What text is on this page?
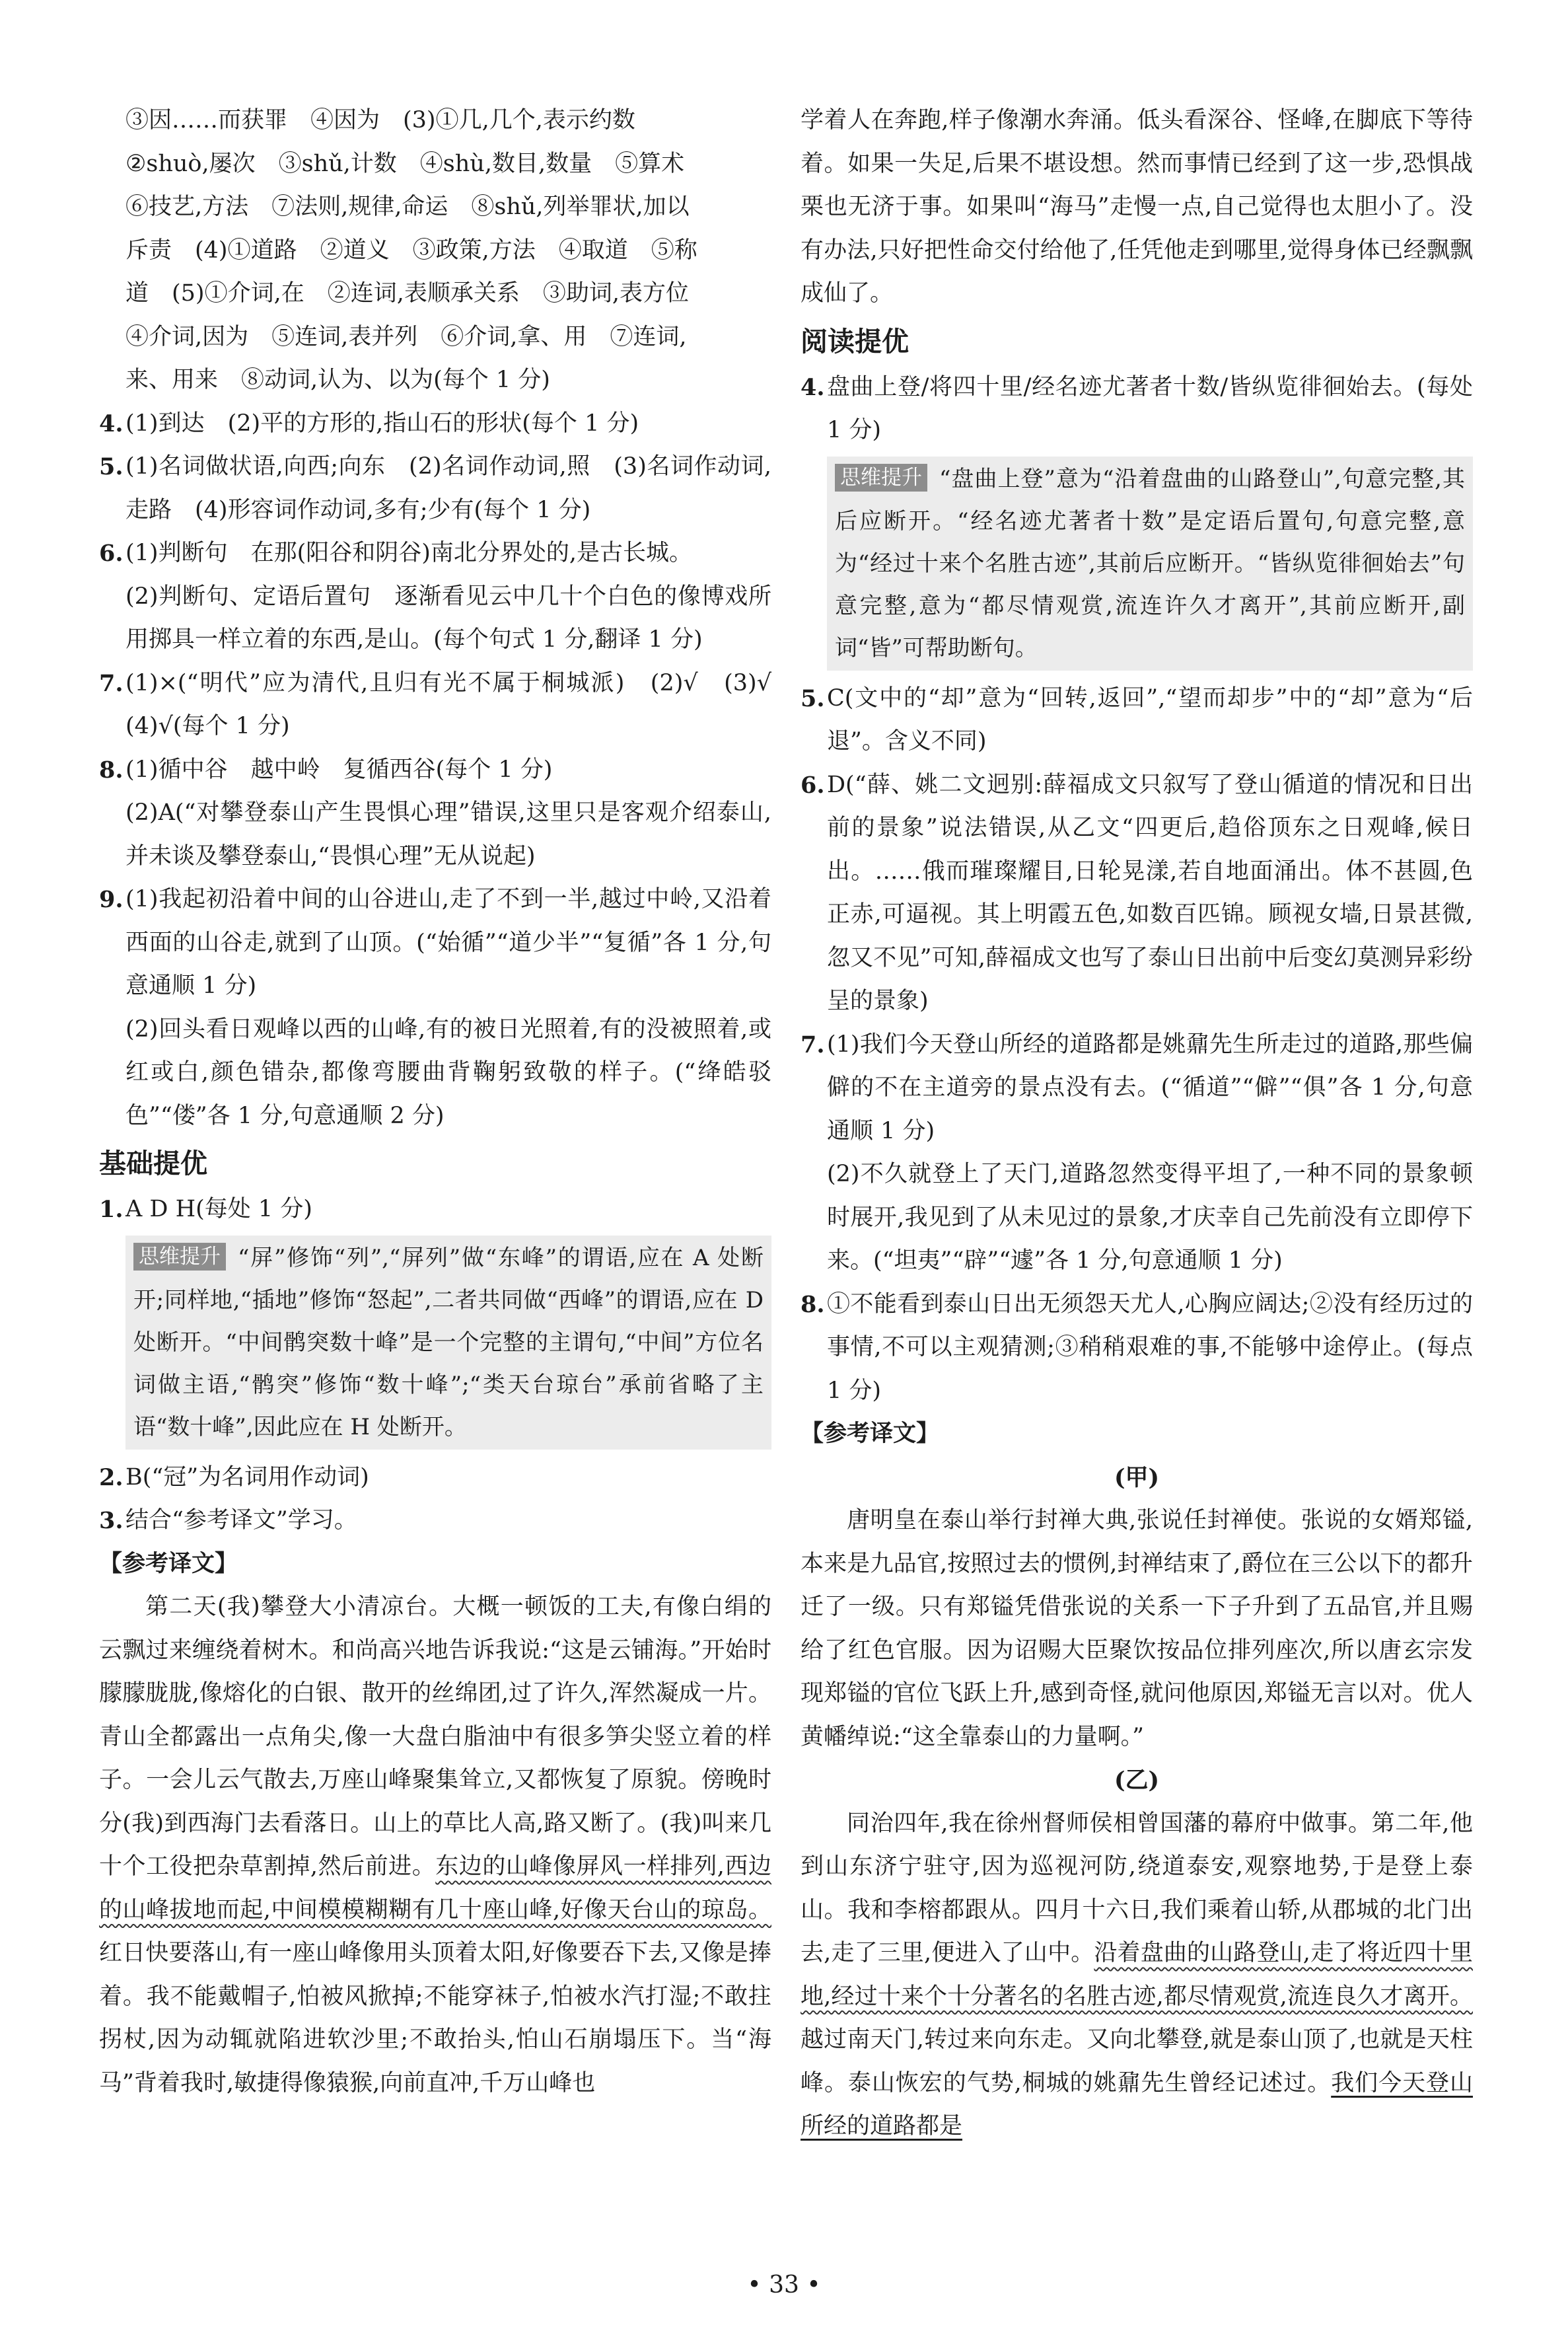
③因……而获罪　④因为　(3)①几,几个,表示约数

②shuò,屡次　③shǔ,计数　④shù,数目,数量　⑤算术

⑥技艺,方法　⑦法则,规律,命运　⑧shǔ,列举罪状,加以

斥责　(4)①道路　②道义　③政策,方法　④取道　⑤称

道　(5)①介词,在　②连词,表顺承关系　③助词,表方位

④介词,因为　⑤连词,表并列　⑥介词,拿、用　⑦连词,

来、用来　⑧动词,认为、以为(每个 1 分)

4. (1)到达　(2)平的方形的,指山石的形状(每个 1 分)

5. (1)名词做状语,向西;向东　(2)名词作动词,照　(3)名词作动词,走路　(4)形容词作动词,多有;少有(每个 1 分)

6. (1)判断句　在那(阳谷和阴谷)南北分界处的,是古长城。

(2)判断句、定语后置句　逐渐看见云中几十个白色的像博戏所用掷具一样立着的东西,是山。(每个句式 1 分,翻译 1 分)

7. (1)×(“明代”应为清代,且归有光不属于桐城派)　(2)√　(3)√　(4)√(每个 1 分)

8. (1)循中谷　越中岭　复循西谷(每个 1 分)

(2)A(“对攀登泰山产生畏惧心理”错误,这里只是客观介绍泰山,并未谈及攀登泰山,“畏惧心理”无从说起)

9. (1)我起初沿着中间的山谷进山,走了不到一半,越过中岭,又沿着西面的山谷走,就到了山顶。(“始循”“道少半”“复循”各 1 分,句意通顺 1 分)

(2)回头看日观峰以西的山峰,有的被日光照着,有的没被照着,或红或白,颜色错杂,都像弯腰曲背鞠躬致敬的样子。(“绛皓驳色”“偻”各 1 分,句意通顺 2 分)

基础提优
1. A D H(每处 1 分)

思维提升 “屏”修饰“列”,“屏列”做“东峰”的谓语,应在 A 处断开;同样地,“插地”修饰“怒起”,二者共同做“西峰”的谓语,应在 D 处断开。“中间鹘突数十峰”是一个完整的主谓句,“中间”方位名词做主语,“鹘突”修饰“数十峰”;“类天台琼台”承前省略了主语“数十峰”,因此应在 H 处断开。
2. B(“冠”为名词用作动词)

3. 结合“参考译文”学习。

【参考译文】

第二天(我)攀登大小清凉台。大概一顿饭的工夫,有像白绢的云飘过来缠绕着树木。和尚高兴地告诉我说:“这是云铺海。”开始时朦朦胧胧,像熔化的白银、散开的丝绵团,过了许久,浑然凝成一片。青山全都露出一点角尖,像一大盘白脂油中有很多笋尖竖立着的样子。一会儿云气散去,万座山峰聚集耸立,又都恢复了原貌。傍晚时分(我)到西海门去看落日。山上的草比人高,路又断了。(我)叫来几十个工役把杂草割掉,然后前进。东边的山峰像屏风一样排列,西边的山峰拔地而起,中间模模糊糊有几十座山峰,好像天台山的琼岛。红日快要落山,有一座山峰像用头顶着太阳,好像要吞下去,又像是捧着。我不能戴帽子,怕被风掀掉;不能穿袜子,怕被水汽打湿;不敢拄拐杖,因为动辄就陷进软沙里;不敢抬头,怕山石崩塌压下。当“海马”背着我时,敏捷得像猿猴,向前直冲,千万山峰也

学着人在奔跑,样子像潮水奔涌。低头看深谷、怪峰,在脚底下等待着。如果一失足,后果不堪设想。然而事情已经到了这一步,恐惧战栗也无济于事。如果叫“海马”走慢一点,自己觉得也太胆小了。没有办法,只好把性命交付给他了,任凭他走到哪里,觉得身体已经飘飘成仙了。

阅读提优
4. 盘曲上登/将四十里/经名迹尤著者十数/皆纵览徘徊始去。(每处 1 分)

思维提升 “盘曲上登”意为“沿着盘曲的山路登山”,句意完整,其后应断开。“经名迹尤著者十数”是定语后置句,句意完整,意为“经过十来个名胜古迹”,其前后应断开。“皆纵览徘徊始去”句意完整,意为“都尽情观赏,流连许久才离开”,其前应断开,副词“皆”可帮助断句。
5. C(文中的“却”意为“回转,返回”,“望而却步”中的“却”意为“后退”。含义不同)

6. D(“薛、姚二文迥别:薛福成文只叙写了登山循道的情况和日出前的景象”说法错误,从乙文“四更后,趋俗顶东之日观峰,候日出。……俄而璀璨耀目,日轮晃漾,若自地面涌出。体不甚圆,色正赤,可逼视。其上明霞五色,如数百匹锦。顾视女墙,日景甚微,忽又不见”可知,薛福成文也写了泰山日出前中后变幻莫测异彩纷呈的景象)

7. (1)我们今天登山所经的道路都是姚鼐先生所走过的道路,那些偏僻的不在主道旁的景点没有去。(“循道”“僻”“俱”各 1 分,句意通顺 1 分)

(2)不久就登上了天门,道路忽然变得平坦了,一种不同的景象顿时展开,我见到了从未见过的景象,才庆幸自己先前没有立即停下来。(“坦夷”“辟”“遽”各 1 分,句意通顺 1 分)

8. ①不能看到泰山日出无须怨天尤人,心胸应阔达;②没有经历过的事情,不可以主观猜测;③稍稍艰难的事,不能够中途停止。(每点 1 分)

【参考译文】
(甲)

唐明皇在泰山举行封禅大典,张说任封禅使。张说的女婿郑镒,本来是九品官,按照过去的惯例,封禅结束了,爵位在三公以下的都升迁了一级。只有郑镒凭借张说的关系一下子升到了五品官,并且赐给了红色官服。因为诏赐大臣聚饮按品位排列座次,所以唐玄宗发现郑镒的官位飞跃上升,感到奇怪,就问他原因,郑镒无言以对。优人黄幡绰说:“这全靠泰山的力量啊。”

(乙)

同治四年,我在徐州督师侯相曾国藩的幕府中做事。第二年,他到山东济宁驻守,因为巡视河防,绕道泰安,观察地势,于是登上泰山。我和李榕都跟从。四月十六日,我们乘着山轿,从郡城的北门出去,走了三里,便进入了山中。沿着盘曲的山路登山,走了将近四十里地,经过十来个十分著名的名胜古迹,都尽情观赏,流连良久才离开。越过南天门,转过来向东走。又向北攀登,就是泰山顶了,也就是天柱峰。泰山恢宏的气势,桐城的姚鼐先生曾经记述过。我们今天登山所经的道路都是

• 33 •
